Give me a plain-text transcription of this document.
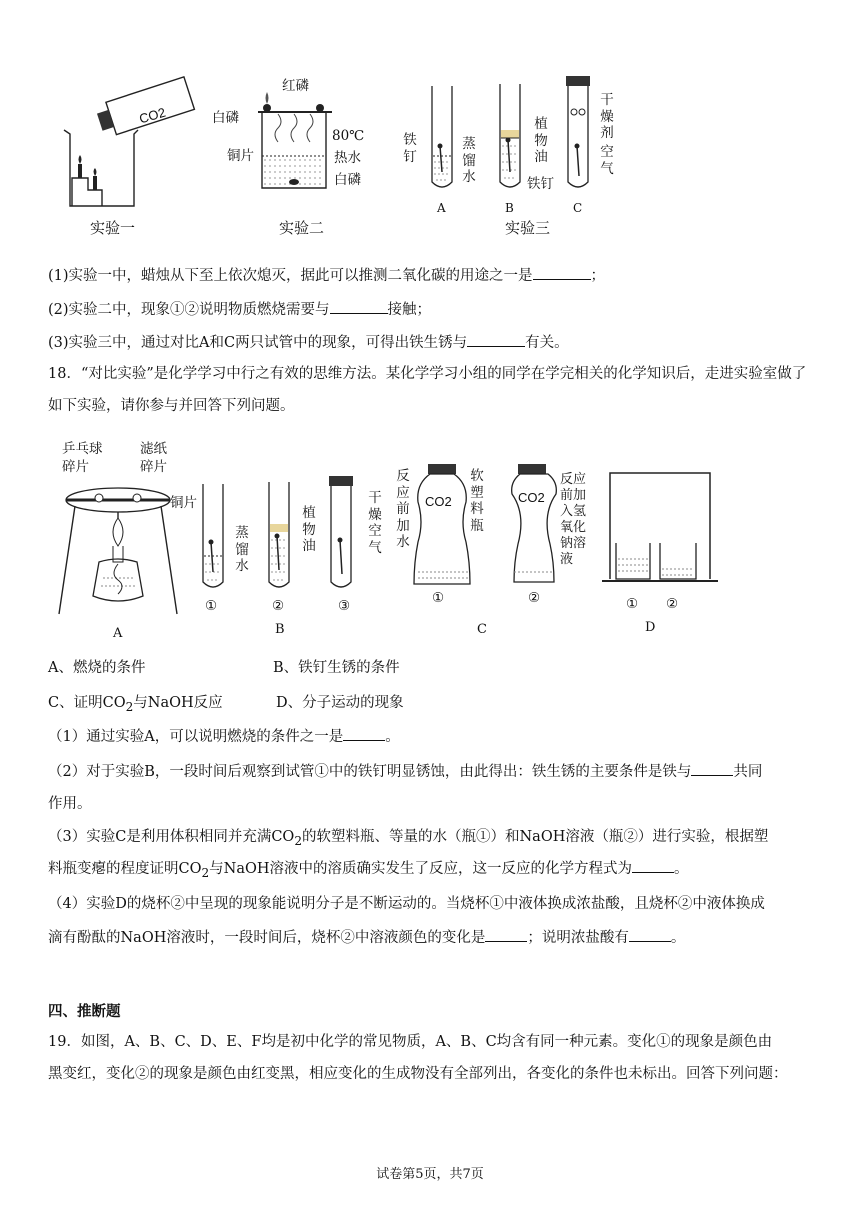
CO2
红磷
白磷
80℃
铜片	热水
白磷
铁钉
蒸馏水
植物油
铁钉
干燥剂
空气
A	B	C
实验一	实验二	实验三
(1)实验一中，蜡烛从下至上依次熄灭，据此可以推测二氧化碳的用途之一是	；
(2)实验二中，现象①②说明物质燃烧需要与	接触；
(3)实验三中，通过对比A和C两只试管中的现象，可得出铁生锈与	有关。
18．“对比实验”是化学学习中行之有效的思维方法。某化学学习小组的同学在学完相关的化学知识后，走进实验室做了如下实验，请你参与并回答下列问题。
乒乓球碎片
滤纸碎片
铜片
蒸馏水
植物油
干燥空气
①	②	③
CO2	CO2
反应前加水
软塑料瓶
反应前加入氢氧化钠溶液
①	②	① ②
A	B	C	D
A、燃烧的条件	B、铁钉生锈的条件
C、证明$CO_2$与NaOH反应	D、分子运动的现象
（1）通过实验A，可以说明燃烧的条件之一是	。
（2）对于实验B，一段时间后观察到试管①中的铁钉明显锈蚀，由此得出：铁生锈的主要条件是铁与	共同
作用。
（3）实验C是利用体积相同并充满$CO_2$的软塑料瓶、等量的水（瓶①）和NaOH溶液（瓶②）进行实验，根据塑
料瓶变瘪的程度证明$CO_2$与NaOH溶液中的溶质确实发生了反应，这一反应的化学方程式为	。
（4）实验D的烧杯②中呈现的现象能说明分子是不断运动的。当烧杯①中液体换成浓盐酸，且烧杯②中液体换成
滴有酚酞的NaOH溶液时，一段时间后，烧杯②中溶液颜色的变化是	；说明浓盐酸有	。
四、推断题
19．如图，A、B、C、D、E、F均是初中化学的常见物质，A、B、C均含有同一种元素。变化①的现象是颜色由
黑变红，变化②的现象是颜色由红变黑，相应变化的生成物没有全部列出，各变化的条件也未标出。回答下列问题：
试卷第5页，共7页
